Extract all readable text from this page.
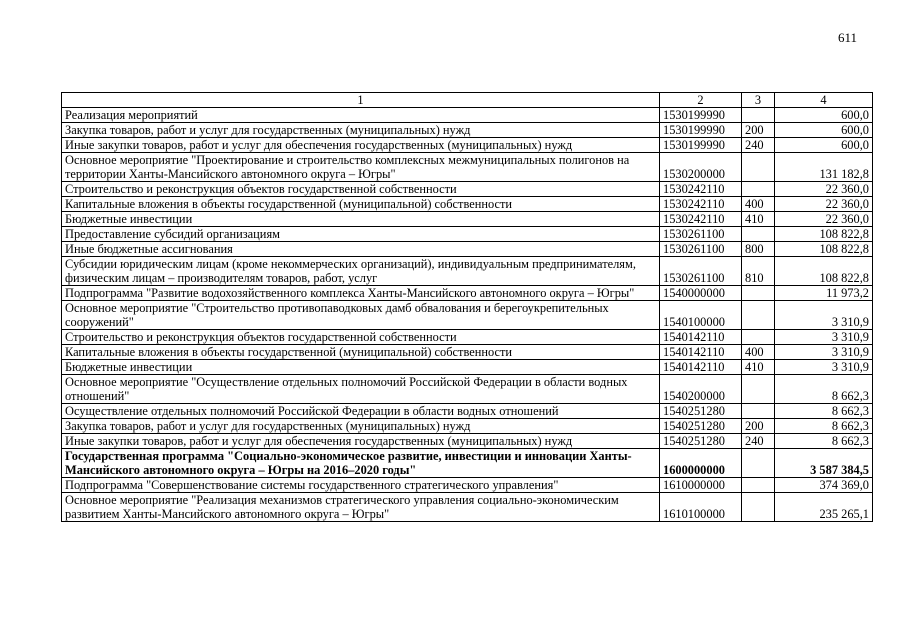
611
1	2	3	4
Реализация мероприятий	1530199990		600,0
Закупка товаров, работ и услуг для государственных (муниципальных) нужд	1530199990	200	600,0
Иные закупки товаров, работ и услуг для обеспечения государственных (муниципальных) нужд	1530199990	240	600,0
Основное мероприятие "Проектирование и строительство комплексных межмуниципальных полигонов на территории Ханты-Мансийского автономного округа – Югры"	1530200000		131 182,8
Строительство и реконструкция объектов государственной собственности	1530242110		22 360,0
Капитальные вложения в объекты государственной (муниципальной) собственности	1530242110	400	22 360,0
Бюджетные инвестиции	1530242110	410	22 360,0
Предоставление субсидий организациям	1530261100		108 822,8
Иные бюджетные ассигнования	1530261100	800	108 822,8
Субсидии юридическим лицам (кроме некоммерческих организаций), индивидуальным предпринимателям, физическим лицам – производителям товаров, работ, услуг	1530261100	810	108 822,8
Подпрограмма "Развитие водохозяйственного комплекса Ханты-Мансийского автономного округа – Югры"	1540000000		11 973,2
Основное мероприятие "Строительство противопаводковых дамб обвалования и берегоукрепительных сооружений"	1540100000		3 310,9
Строительство и реконструкция объектов государственной собственности	1540142110		3 310,9
Капитальные вложения в объекты государственной (муниципальной) собственности	1540142110	400	3 310,9
Бюджетные инвестиции	1540142110	410	3 310,9
Основное мероприятие "Осуществление отдельных полномочий Российской Федерации в области водных отношений"	1540200000		8 662,3
Осуществление отдельных полномочий Российской Федерации в области водных отношений	1540251280		8 662,3
Закупка товаров, работ и услуг для государственных (муниципальных) нужд	1540251280	200	8 662,3
Иные закупки товаров, работ и услуг для обеспечения государственных (муниципальных) нужд	1540251280	240	8 662,3
Государственная программа "Социально-экономическое развитие, инвестиции и инновации Ханты-Мансийского автономного округа – Югры на 2016–2020 годы"	1600000000		3 587 384,5
Подпрограмма "Совершенствование системы государственного стратегического управления"	1610000000		374 369,0
Основное мероприятие "Реализация механизмов стратегического управления социально-экономическим развитием Ханты-Мансийского автономного округа – Югры"	1610100000		235 265,1
